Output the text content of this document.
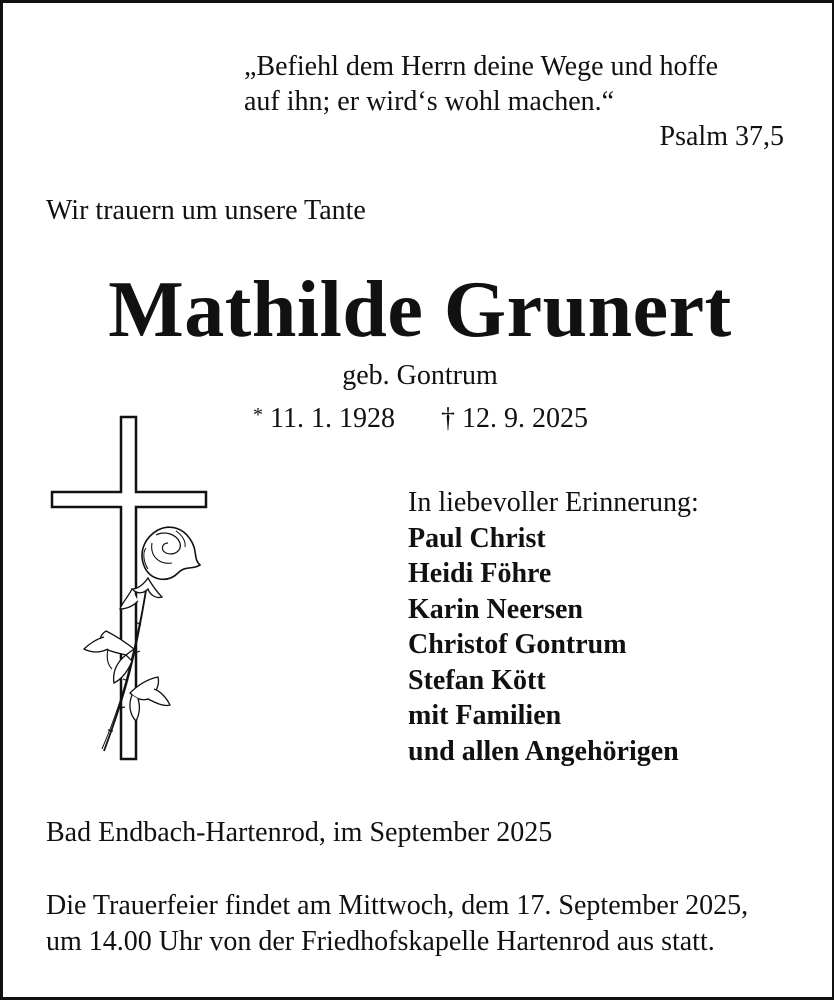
„Befiehl dem Herrn deine Wege und hoffe
auf ihn; er wird‘s wohl machen.“
Psalm 37,5
Wir trauern um unsere Tante
Mathilde Grunert
geb. Gontrum
* 11. 1. 1928 † 12. 9. 2025
In liebevoller Erinnerung:
Paul Christ
Heidi Föhre
Karin Neersen
Christof Gontrum
Stefan Kött
mit Familien
und allen Angehörigen
Bad Endbach-Hartenrod, im September 2025
Die Trauerfeier findet am Mittwoch, dem 17. September 2025,
um 14.00 Uhr von der Friedhofskapelle Hartenrod aus statt.
